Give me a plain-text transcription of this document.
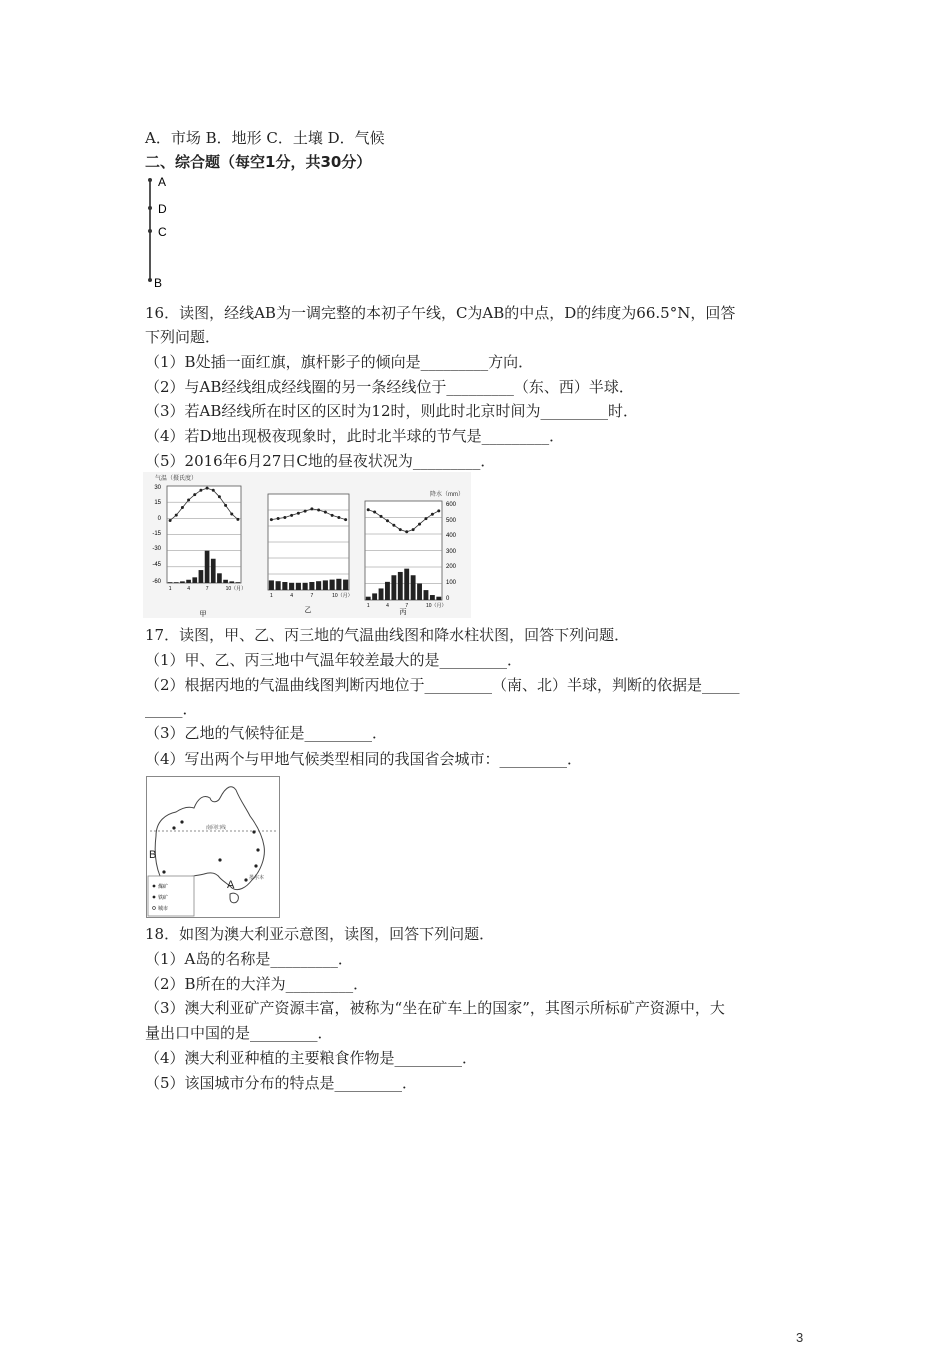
A．市场 B．地形 C．土壤 D．气候
二、综合题（每空1分，共30分）
A
D
C
B
16．读图，经线AB为一调完整的本初子午线，C为AB的中点，D的纬度为66.5°N，回答
下列问题．
（1）B处插一面红旗，旗杆影子的倾向是_________方向．
（2）与AB经线组成经线圈的另一条经线位于_________（东、西）半球．
（3）若AB经线所在时区的区时为12时，则此时北京时间为_________时．
（4）若D地出现极夜现象时，此时北半球的节气是_________．
（5）2016年6月27日C地的昼夜状况为_________．
气温（摄氏度）
降水（mm）
30
15
0
-15
-30
-45
-60
600
500
400
300
200
100
0
甲
乙	丙
1	4	7	10（月）
1	4	7	10（月）
1	4	7	10（月）
17．读图，甲、乙、丙三地的气温曲线图和降水柱状图，回答下列问题．
（1）甲、乙、丙三地中气温年较差最大的是_________．
（2）根据丙地的气温曲线图判断丙地位于_________（南、北）半球，判断的依据是_____
_____．
（3）乙地的气候特征是_________．
（4）写出两个与甲地气候类型相同的我国省会城市：_________．
南回归线
B
A
墨尔本
煤矿
铁矿
城市
18．如图为澳大利亚示意图，读图，回答下列问题．
（1）A岛的名称是_________．
（2）B所在的大洋为_________．
（3）澳大利亚矿产资源丰富，被称为“坐在矿车上的国家”，其图示所标矿产资源中，大
量出口中国的是_________．
（4）澳大利亚种植的主要粮食作物是_________．
（5）该国城市分布的特点是_________．
3
